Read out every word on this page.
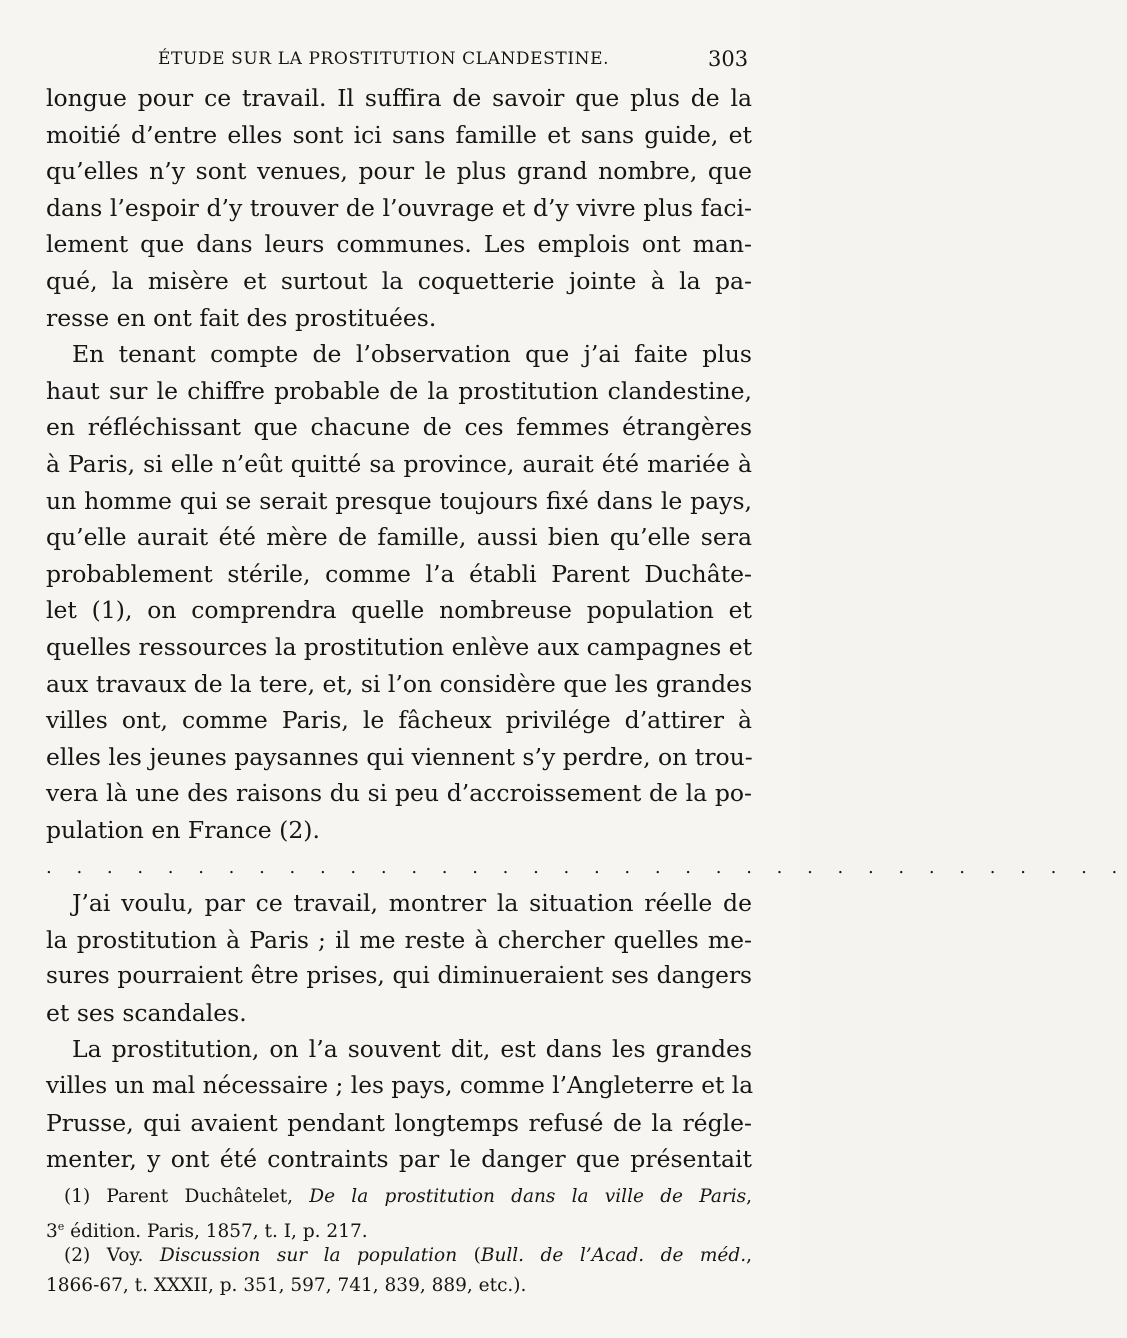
ÉTUDE SUR LA PROSTITUTION CLANDESTINE.	303
longue pour ce travail. Il suffira de savoir que plus de la
moitié d’entre elles sont ici sans famille et sans guide, et
qu’elles n’y sont venues, pour le plus grand nombre, que
dans l’espoir d’y trouver de l’ouvrage et d’y vivre plus faci-
lement que dans leurs communes. Les emplois ont man-
qué, la misère et surtout la coquetterie jointe à la pa-
resse en ont fait des prostituées.
En tenant compte de l’observation que j’ai faite plus
haut sur le chiffre probable de la prostitution clandestine,
en réfléchissant que chacune de ces femmes étrangères
à Paris, si elle n’eût quitté sa province, aurait été mariée à
un homme qui se serait presque toujours fixé dans le pays,
qu’elle aurait été mère de famille, aussi bien qu’elle sera
probablement stérile, comme l’a établi Parent Duchâte-
let (1), on comprendra quelle nombreuse population et
quelles ressources la prostitution enlève aux campagnes et
aux travaux de la tere, et, si l’on considère que les grandes
villes ont, comme Paris, le fâcheux privilége d’attirer à
elles les jeunes paysannes qui viennent s’y perdre, on trou-
vera là une des raisons du si peu d’accroissement de la po-
pulation en France (2).
. . . . . . . . . . . . . . . . . . . . . . . . . . . . . . . . . . . .
J’ai voulu, par ce travail, montrer la situation réelle de
la prostitution à Paris ; il me reste à chercher quelles me-
sures pourraient être prises, qui diminueraient ses dangers
et ses scandales.
La prostitution, on l’a souvent dit, est dans les grandes
villes un mal nécessaire ; les pays, comme l’Angleterre et la
Prusse, qui avaient pendant longtemps refusé de la régle-
menter, y ont été contraints par le danger que présentait
(1) Parent Duchâtelet, De la prostitution dans la ville de Paris,
3e édition. Paris, 1857, t. I, p. 217.
(2) Voy. Discussion sur la population (Bull. de l’Acad. de méd.,
1866-67, t. XXXII, p. 351, 597, 741, 839, 889, etc.).
